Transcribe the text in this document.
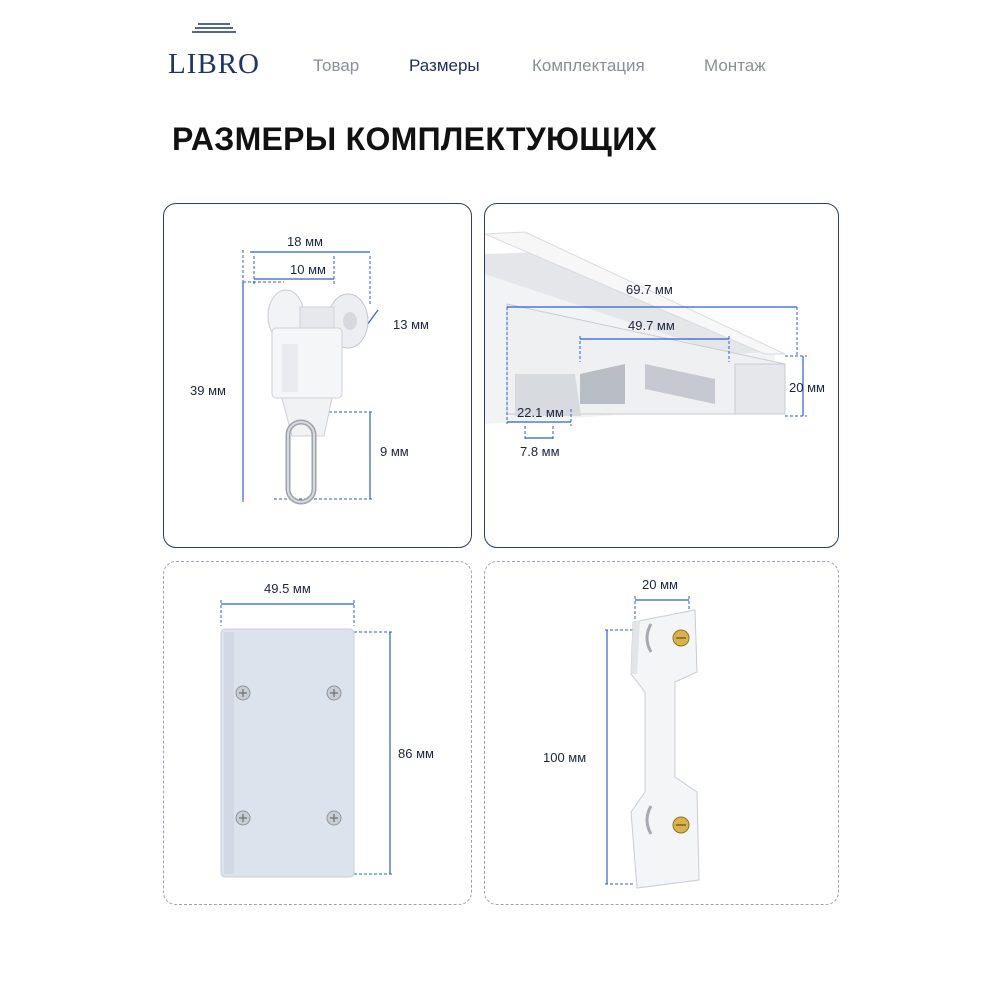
LIBRO	Товар	Размеры	Комплектация	Монтаж
РАЗМЕРЫ КОМПЛЕКТУЮЩИХ
18 мм
10 мм
13 мм
39 мм
9 мм
69.7 мм
49.7 мм
20 мм
22.1 мм
7.8 мм
49.5 мм
86 мм
20 мм
100 мм
